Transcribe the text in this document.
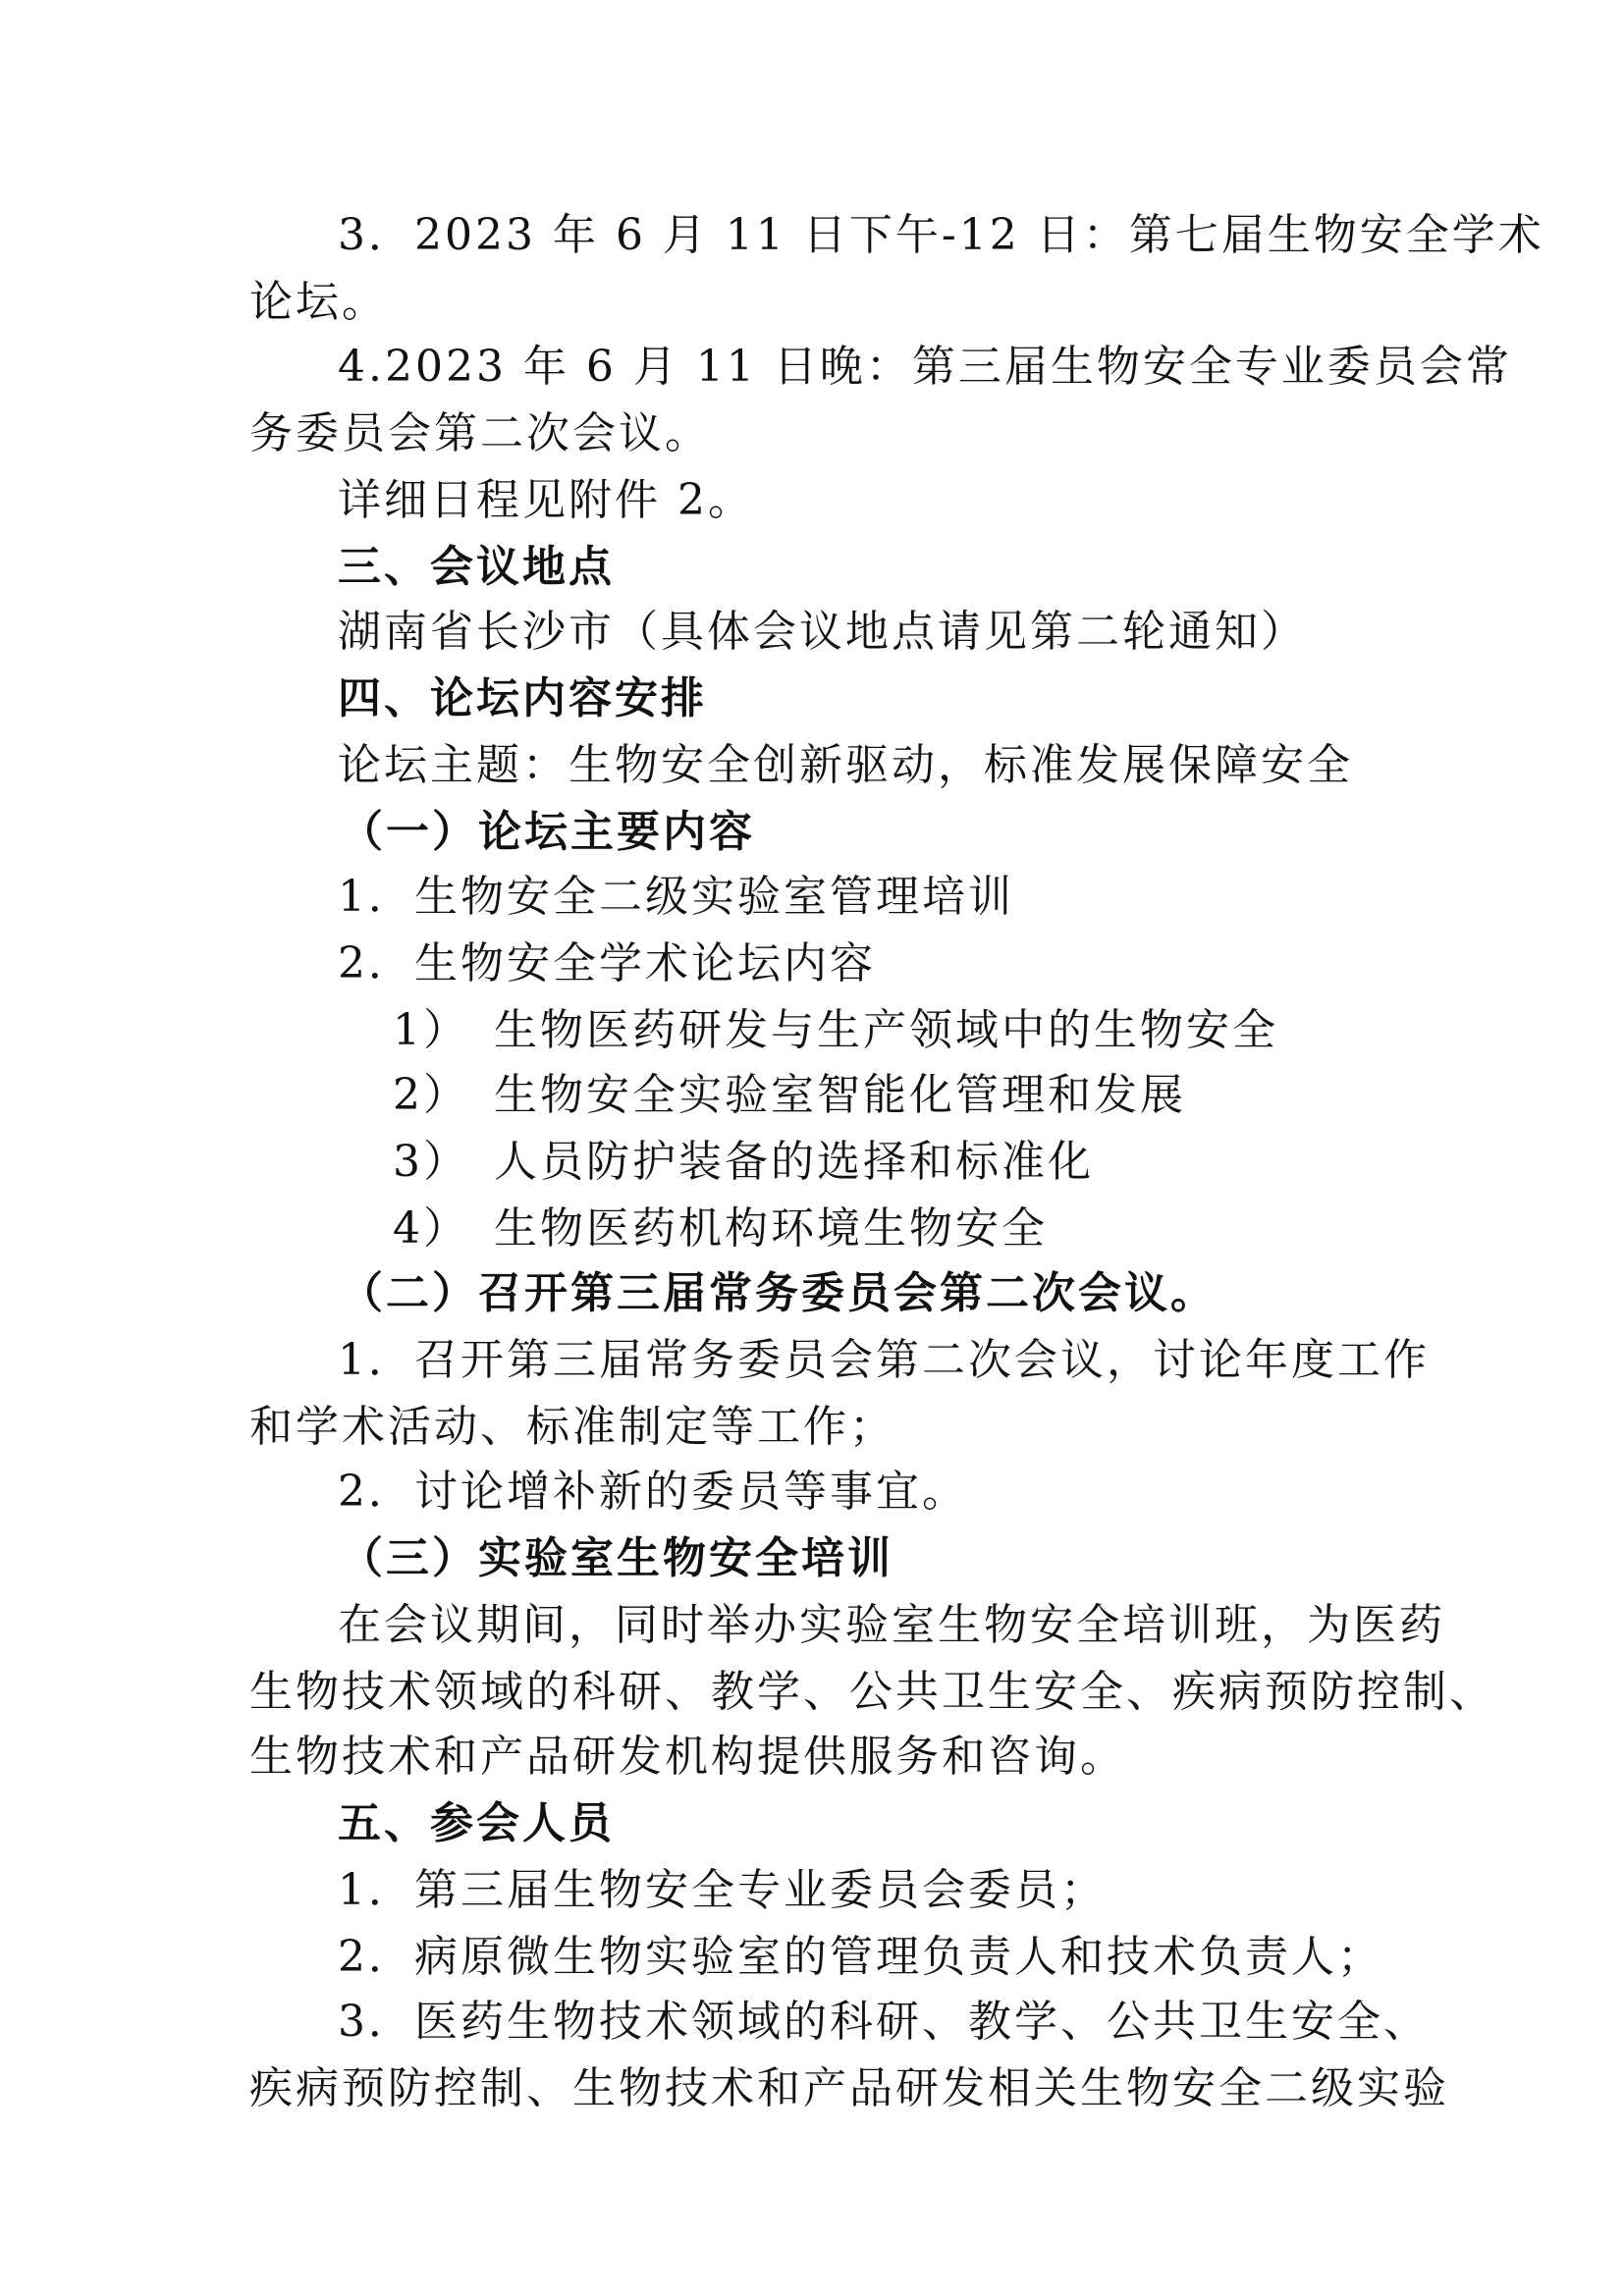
3．2023 年 6 月 11 日下午-12 日：第七届生物安全学术
论坛。
4.2023 年 6 月 11 日晚：第三届生物安全专业委员会常
务委员会第二次会议。
详细日程见附件 2。
三、会议地点
湖南省长沙市（具体会议地点请见第二轮通知）
四、论坛内容安排
论坛主题：生物安全创新驱动，标准发展保障安全
（一）论坛主要内容
1．生物安全二级实验室管理培训
2．生物安全学术论坛内容
1）　生物医药研发与生产领域中的生物安全
2）　生物安全实验室智能化管理和发展
3）　人员防护装备的选择和标准化
4）　生物医药机构环境生物安全
（二）召开第三届常务委员会第二次会议。
1．召开第三届常务委员会第二次会议，讨论年度工作
和学术活动、标准制定等工作；
2．讨论增补新的委员等事宜。
（三）实验室生物安全培训
在会议期间，同时举办实验室生物安全培训班，为医药
生物技术领域的科研、教学、公共卫生安全、疾病预防控制、
生物技术和产品研发机构提供服务和咨询。
五、参会人员
1．第三届生物安全专业委员会委员；
2．病原微生物实验室的管理负责人和技术负责人；
3．医药生物技术领域的科研、教学、公共卫生安全、
疾病预防控制、生物技术和产品研发相关生物安全二级实验
